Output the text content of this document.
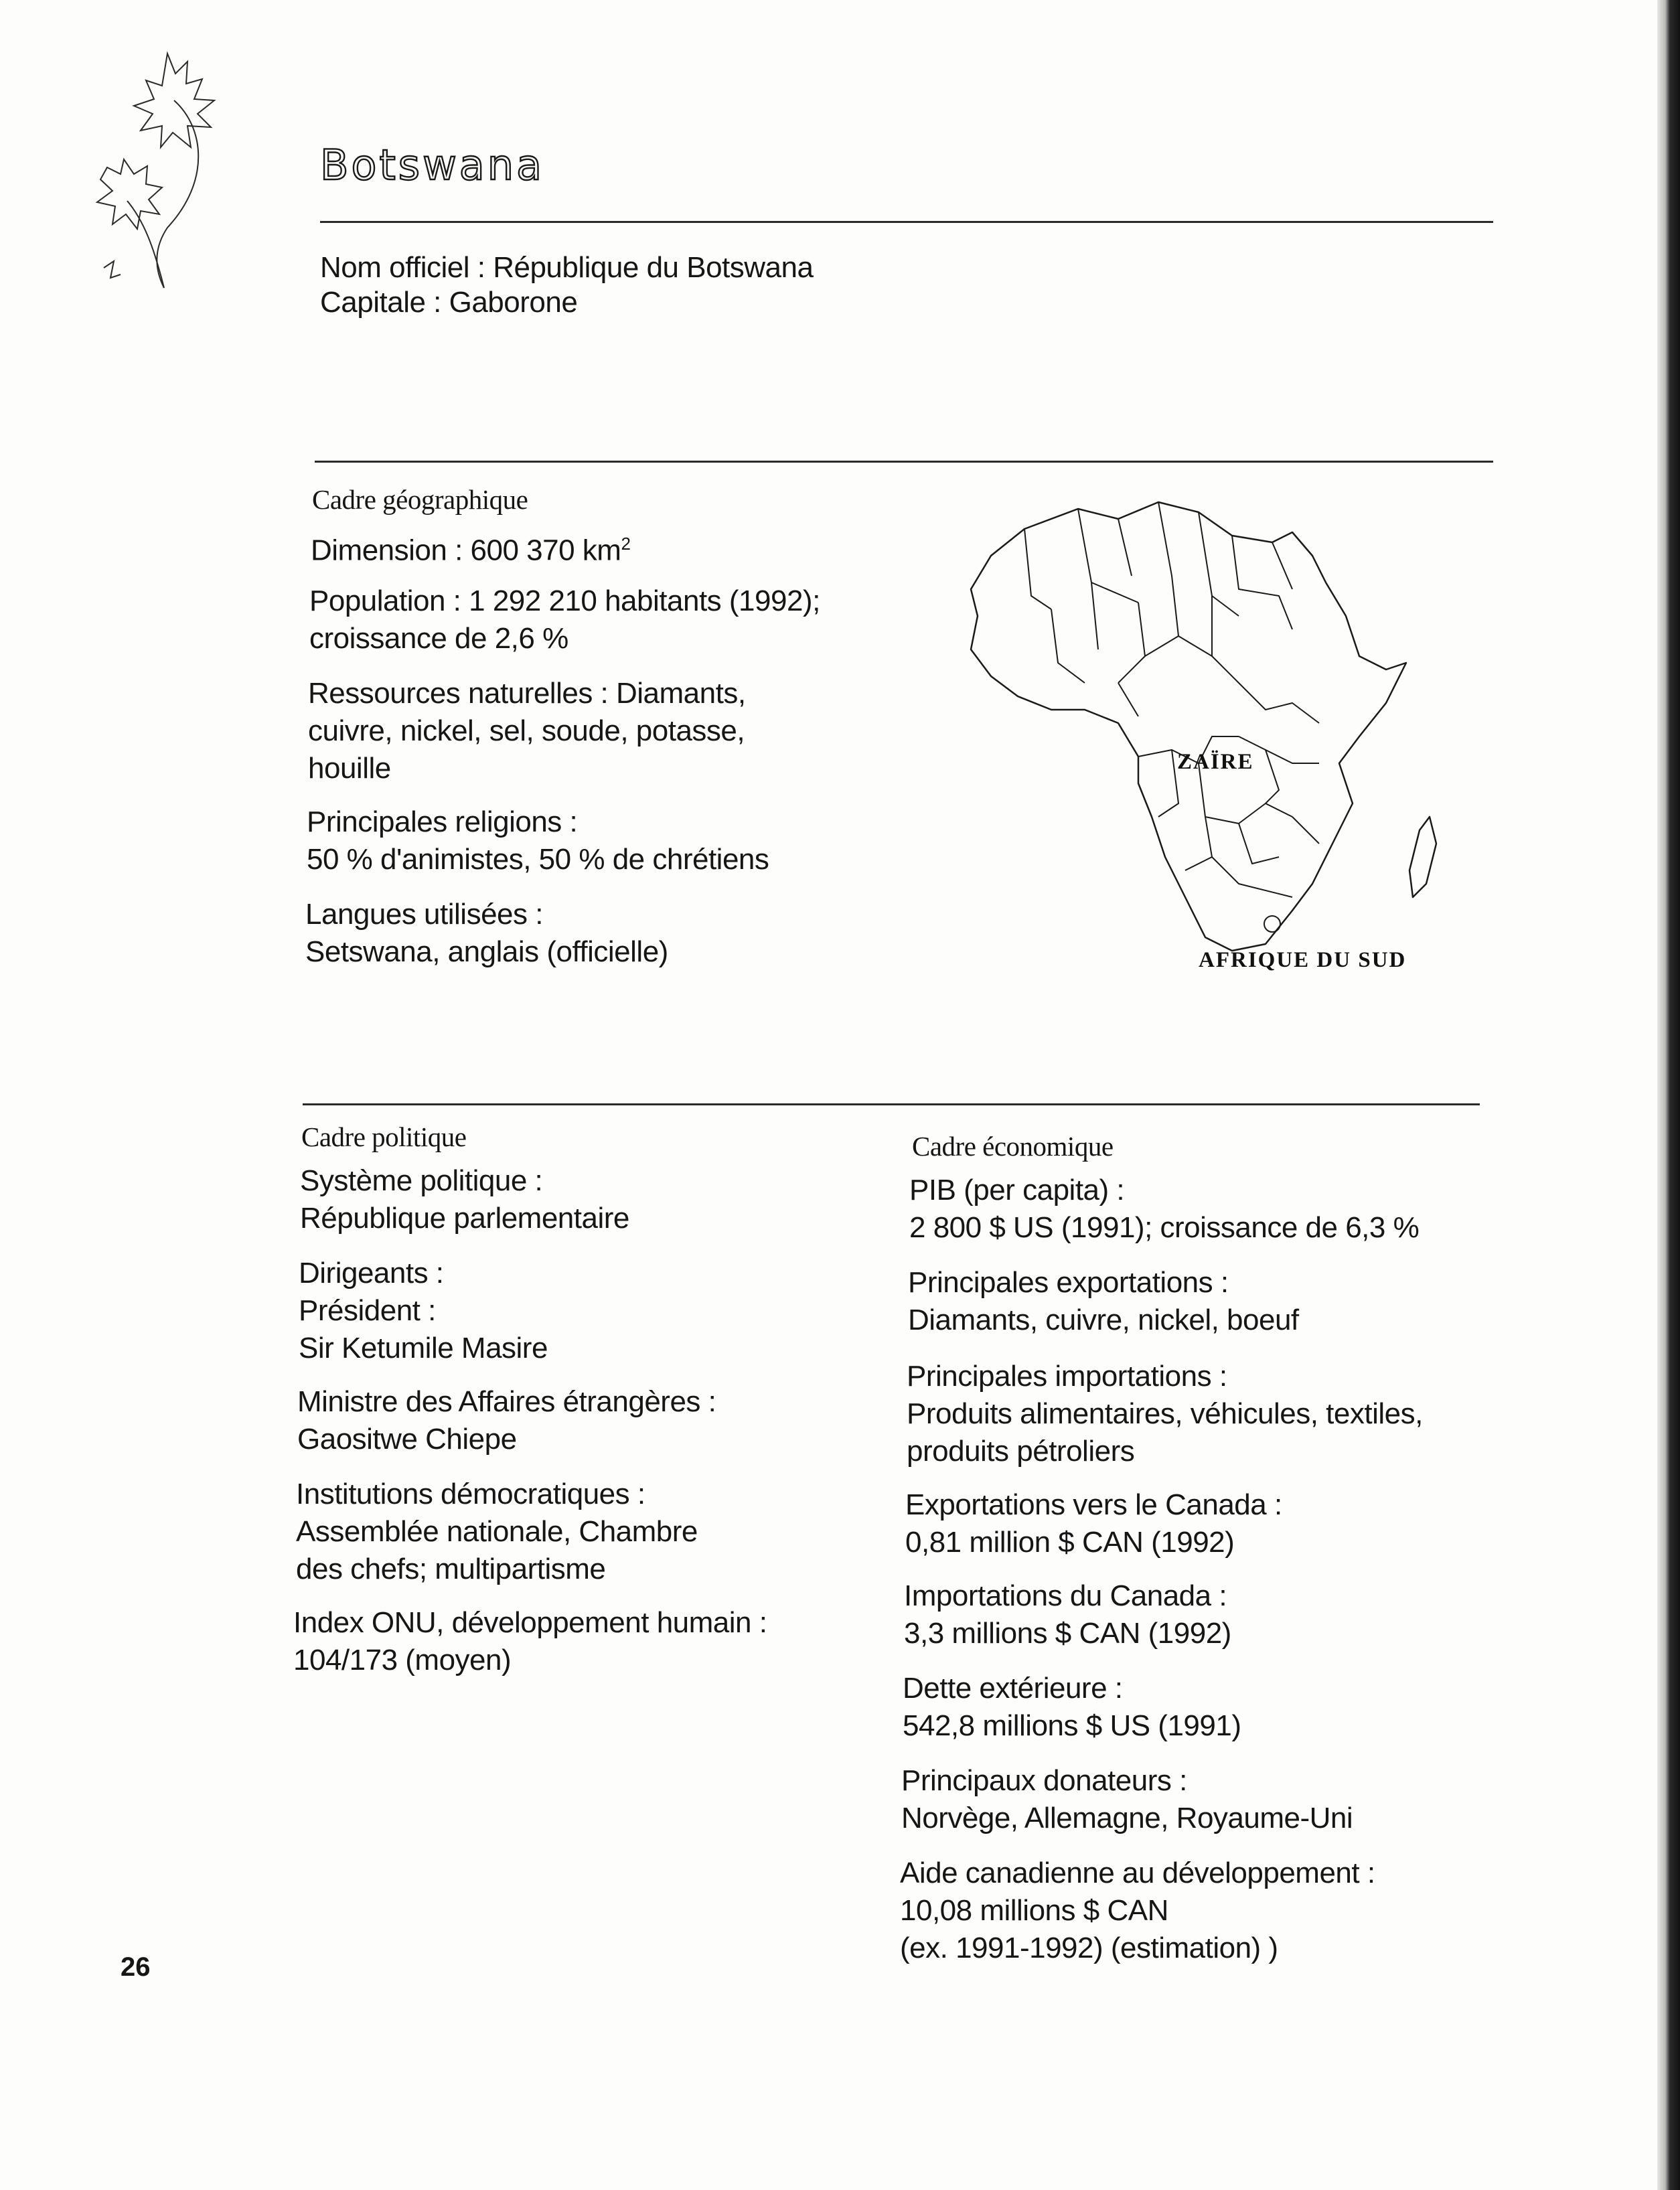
Botswana
Nom officiel : République du Botswana
Capitale : Gaborone
Cadre géographique
Dimension : 600 370 $km^2$
Population : 1 292 210 habitants (1992);
croissance de 2,6 %
Ressources naturelles : Diamants,
cuivre, nickel, sel, soude, potasse,
houille
Principales religions :
50 % d'animistes, 50 % de chrétiens
Langues utilisées :
Setswana, anglais (officielle)
ZAÏRE
AFRIQUE DU SUD
Cadre politique
Système politique :
République parlementaire
Dirigeants :
Président :
Sir Ketumile Masire
Ministre des Affaires étrangères :
Gaositwe Chiepe
Institutions démocratiques :
Assemblée nationale, Chambre
des chefs; multipartisme
Index ONU, développement humain :
104/173 (moyen)
Cadre économique
PIB (per capita) :
2 800 $ US (1991); croissance de 6,3 %
Principales exportations :
Diamants, cuivre, nickel, boeuf
Principales importations :
Produits alimentaires, véhicules, textiles,
produits pétroliers
Exportations vers le Canada :
0,81 million $ CAN (1992)
Importations du Canada :
3,3 millions $ CAN (1992)
Dette extérieure :
542,8 millions $ US (1991)
Principaux donateurs :
Norvège, Allemagne, Royaume-Uni
Aide canadienne au développement :
10,08 millions $ CAN
(ex. 1991-1992) (estimation) )
26
